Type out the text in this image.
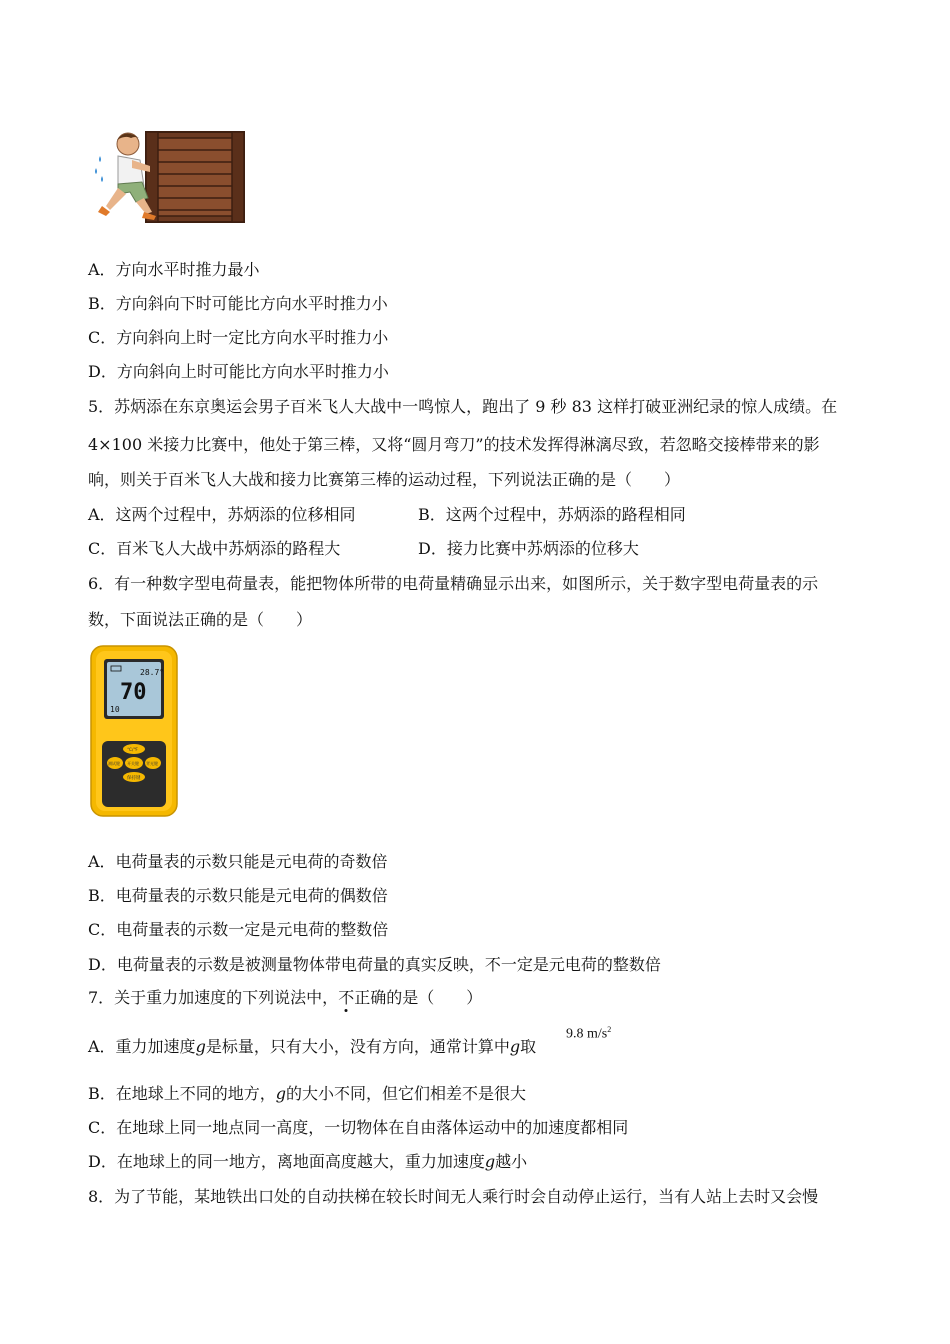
A．方向水平时推力最小
B．方向斜向下时可能比方向水平时推力小
C．方向斜向上时一定比方向水平时推力小
D．方向斜向上时可能比方向水平时推力小
5．苏炳添在东京奥运会男子百米飞人大战中一鸣惊人，跑出了 9 秒 83 这样打破亚洲纪录的惊人成绩。在
4×100 米接力比赛中，他处于第三棒，又将“圆月弯刀”的技术发挥得淋漓尽致，若忽略交接棒带来的影
响，则关于百米飞人大战和接力比赛第三棒的运动过程，下列说法正确的是（　　）
A．这两个过程中，苏炳添的位移相同	B．这两个过程中，苏炳添的路程相同
C．百米飞人大战中苏炳添的路程大	D．接力比赛中苏炳添的位移大
6．有一种数字型电荷量表，能把物体所带的电荷量精确显示出来，如图所示，关于数字型电荷量表的示
数，下面说法正确的是（　　）
28.7°
70
10
℃/℉
测试键 开关键 背光键
保持键
A．电荷量表的示数只能是元电荷的奇数倍
B．电荷量表的示数只能是元电荷的偶数倍
C．电荷量表的示数一定是元电荷的整数倍
D．电荷量表的示数是被测量物体带电荷量的真实反映，不一定是元电荷的整数倍
7．关于重力加速度的下列说法中，不正确的是（　　）
A．重力加速度g是标量，只有大小，没有方向，通常计算中g取
9.8 $m/s^2$
B．在地球上不同的地方，g的大小不同，但它们相差不是很大
C．在地球上同一地点同一高度，一切物体在自由落体运动中的加速度都相同
D．在地球上的同一地方，离地面高度越大，重力加速度g越小
8．为了节能，某地铁出口处的自动扶梯在较长时间无人乘行时会自动停止运行，当有人站上去时又会慢
